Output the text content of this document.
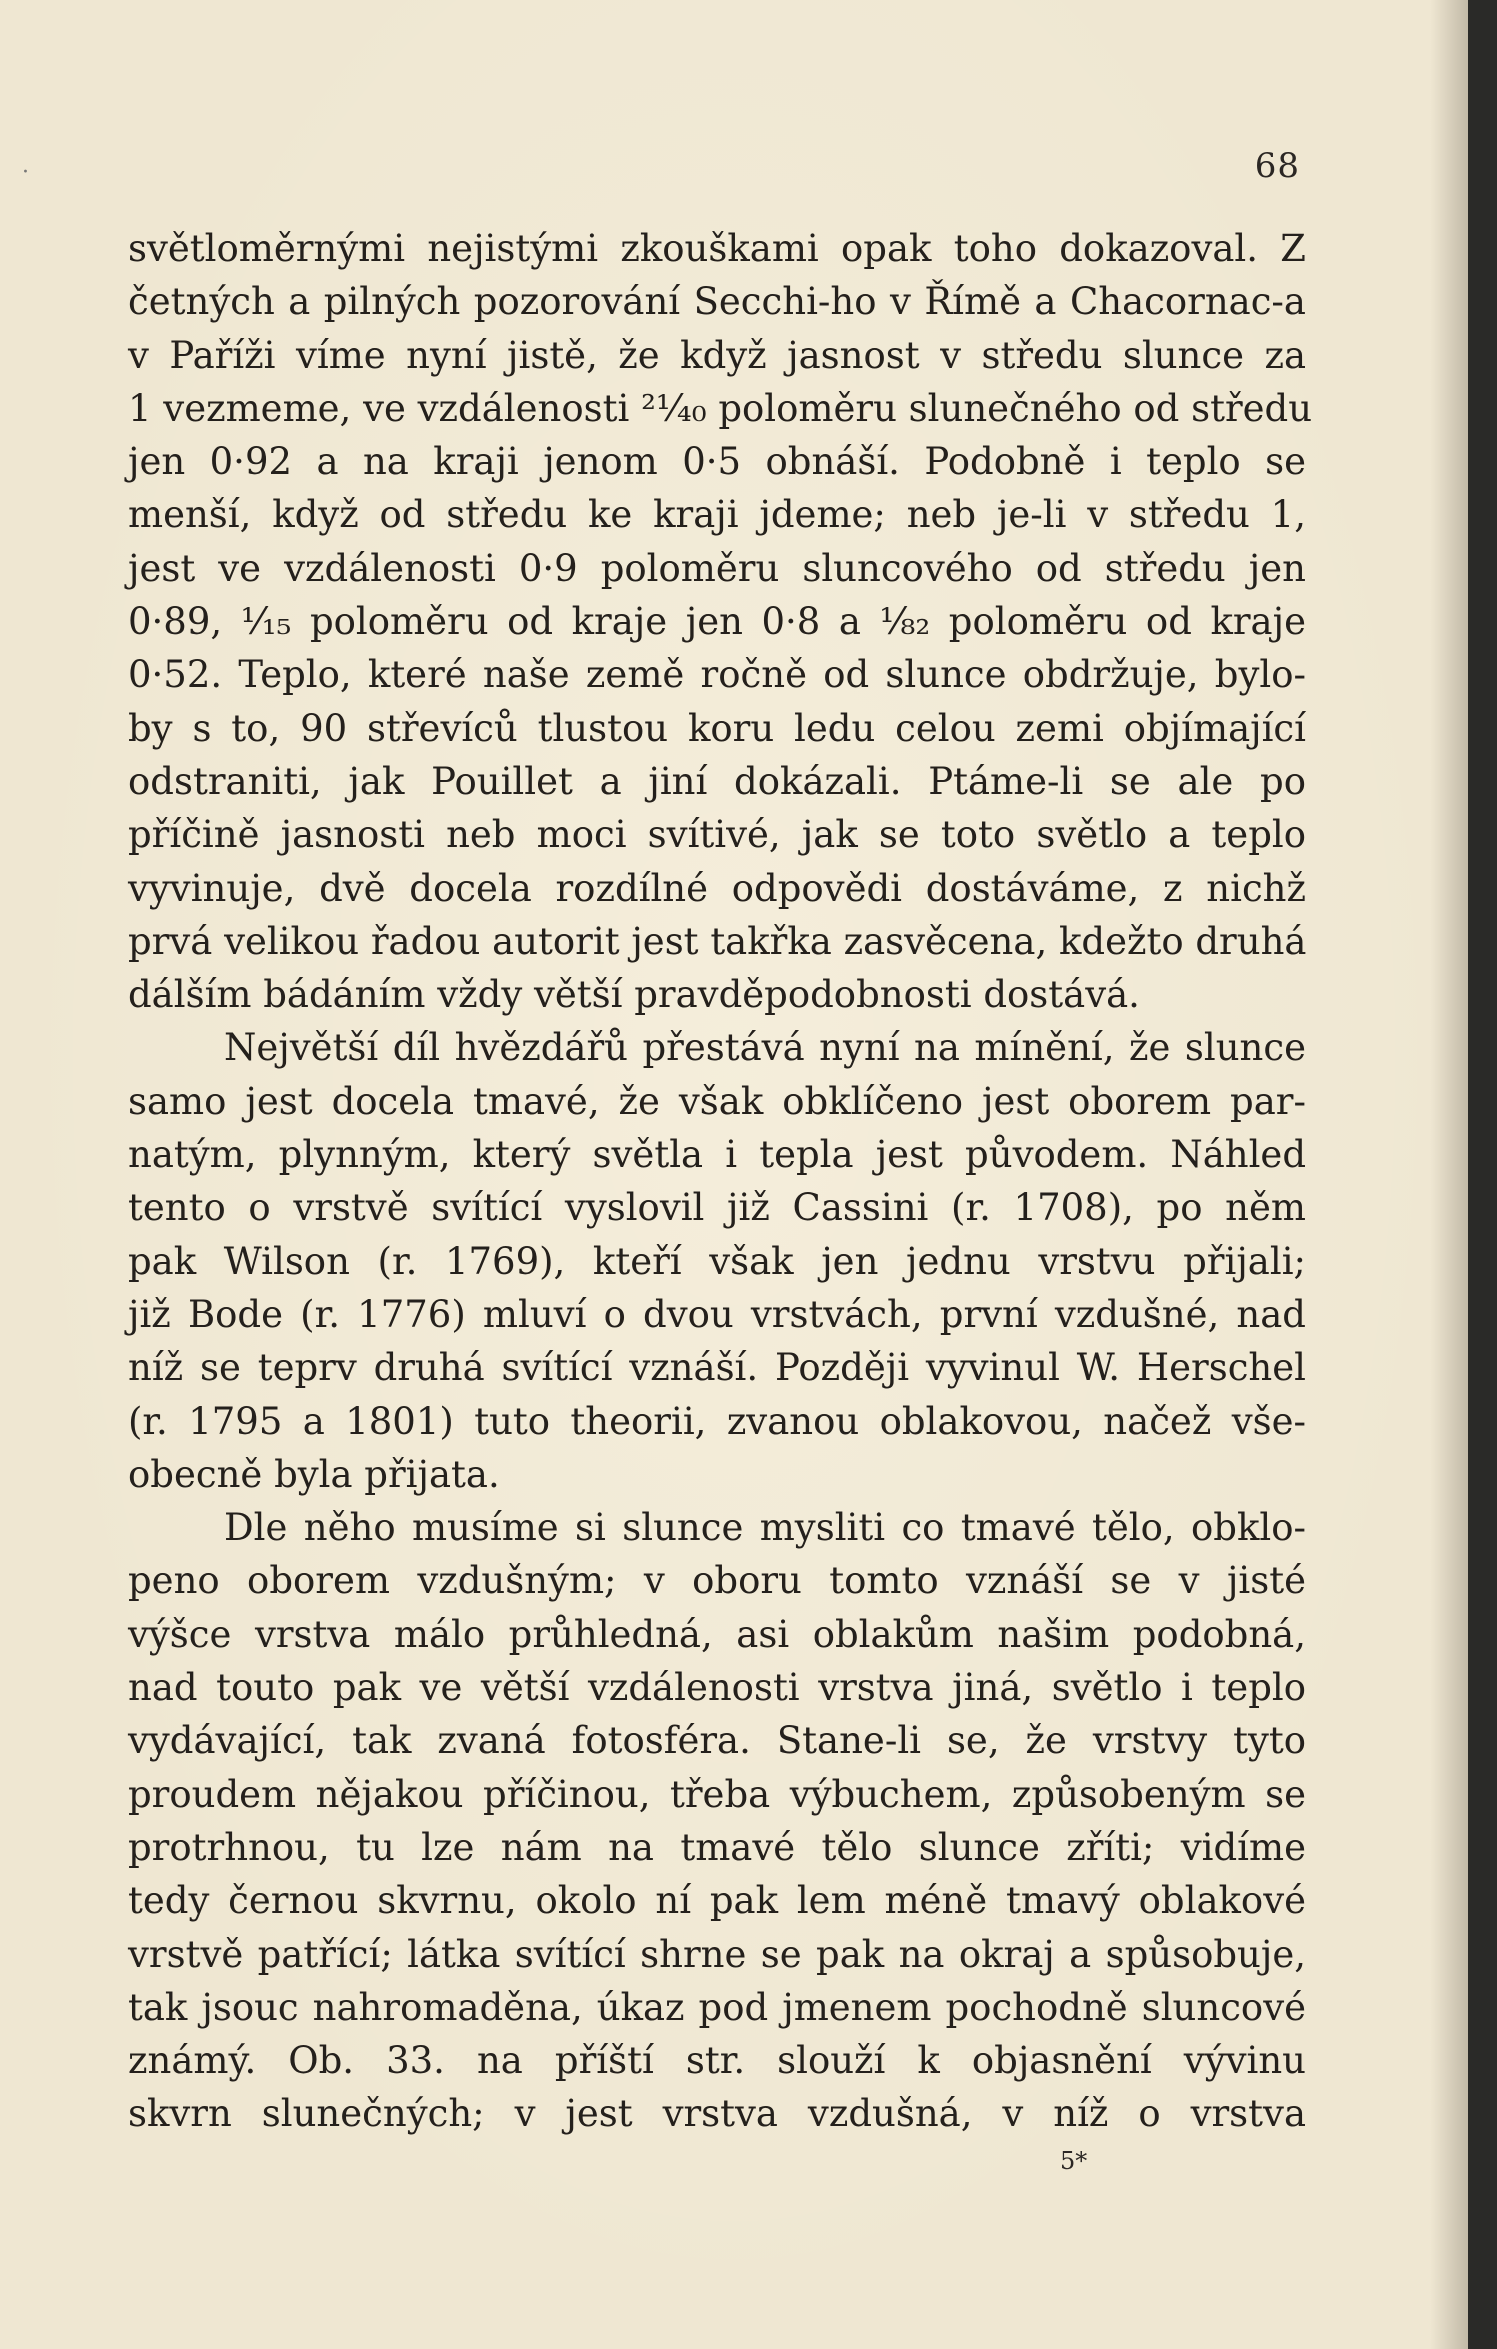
·	68
světloměrnými nejistými zkouškami opak toho dokazoval. Z
četných a pilných pozorování Secchi-ho v Římě a Chacornac-a
v Paříži víme nyní jistě, že když jasnost v středu slunce za
1 vezmeme, ve vzdálenosti ²¹⁄₄₀ poloměru slunečného od středu
jen 0·92 a na kraji jenom 0·5 obnáší. Podobně i teplo se
menší, když od středu ke kraji jdeme; neb je-li v středu 1,
jest ve vzdálenosti 0·9 poloměru sluncového od středu jen
0·89, ¹⁄₁₅ poloměru od kraje jen 0·8 a ¹⁄₈₂ poloměru od kraje
0·52. Teplo, které naše země ročně od slunce obdržuje, bylo-
by s to, 90 střevíců tlustou koru ledu celou zemi objímající
odstraniti, jak Pouillet a jiní dokázali. Ptáme-li se ale po
příčině jasnosti neb moci svítivé, jak se toto světlo a teplo
vyvinuje, dvě docela rozdílné odpovědi dostáváme, z nichž
prvá velikou řadou autorit jest takřka zasvěcena, kdežto druhá
dálším bádáním vždy větší pravděpodobnosti dostává.
Největší díl hvězdářů přestává nyní na mínění, že slunce
samo jest docela tmavé, že však obklíčeno jest oborem par-
natým, plynným, který světla i tepla jest původem. Náhled
tento o vrstvě svítící vyslovil již Cassini (r. 1708), po něm
pak Wilson (r. 1769), kteří však jen jednu vrstvu přijali;
již Bode (r. 1776) mluví o dvou vrstvách, první vzdušné, nad
níž se teprv druhá svítící vznáší. Později vyvinul W. Herschel
(r. 1795 a 1801) tuto theorii, zvanou oblakovou, načež vše-
obecně byla přijata.
Dle něho musíme si slunce mysliti co tmavé tělo, obklo-
peno oborem vzdušným; v oboru tomto vznáší se v jisté
výšce vrstva málo průhledná, asi oblakům našim podobná,
nad touto pak ve větší vzdálenosti vrstva jiná, světlo i teplo
vydávající, tak zvaná fotosféra. Stane-li se, že vrstvy tyto
proudem nějakou příčinou, třeba výbuchem, způsobeným se
protrhnou, tu lze nám na tmavé tělo slunce zříti; vidíme
tedy černou skvrnu, okolo ní pak lem méně tmavý oblakové
vrstvě patřící; látka svítící shrne se pak na okraj a spůsobuje,
tak jsouc nahromaděna, úkaz pod jmenem pochodně sluncové
známý. Ob. 33. na příští str. slouží k objasnění vývinu
skvrn slunečných; v jest vrstva vzdušná, v níž o vrstva
5*
